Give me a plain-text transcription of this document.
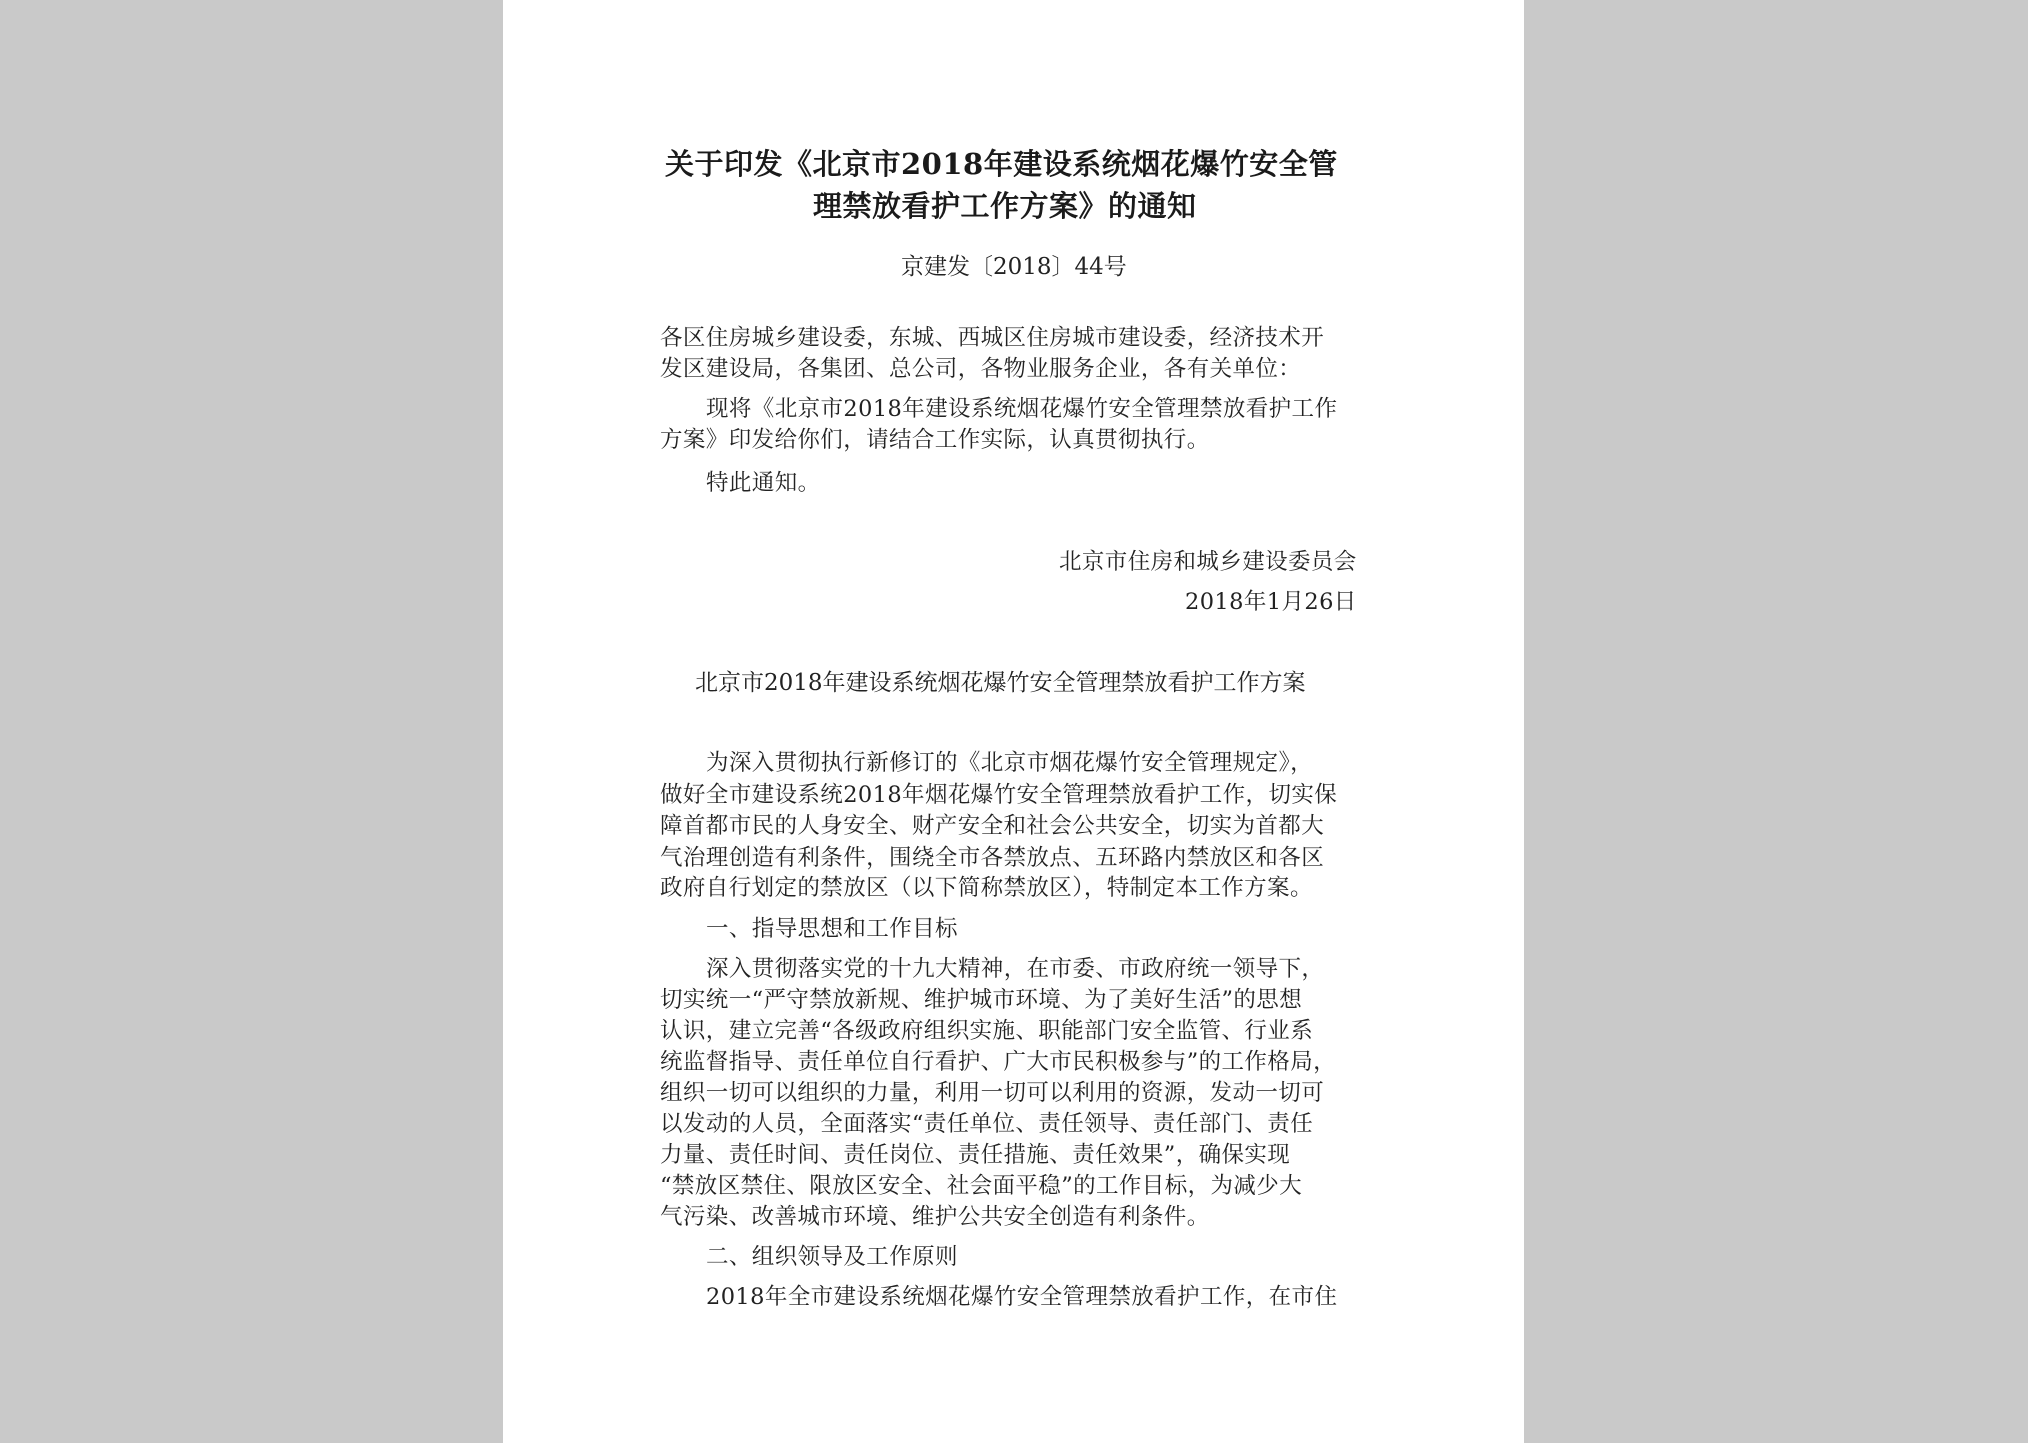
关于印发《北京市2018年建设系统烟花爆竹安全管
理禁放看护工作方案》的通知
京建发〔2018〕44号
各区住房城乡建设委，东城、西城区住房城市建设委，经济技术开
发区建设局，各集团、总公司，各物业服务企业，各有关单位：
现将《北京市2018年建设系统烟花爆竹安全管理禁放看护工作
方案》印发给你们，请结合工作实际，认真贯彻执行。
特此通知。
北京市住房和城乡建设委员会
2018年1月26日
北京市2018年建设系统烟花爆竹安全管理禁放看护工作方案
为深入贯彻执行新修订的《北京市烟花爆竹安全管理规定》，
做好全市建设系统2018年烟花爆竹安全管理禁放看护工作，切实保
障首都市民的人身安全、财产安全和社会公共安全，切实为首都大
气治理创造有利条件，围绕全市各禁放点、五环路内禁放区和各区
政府自行划定的禁放区（以下简称禁放区），特制定本工作方案。
一、指导思想和工作目标
深入贯彻落实党的十九大精神，在市委、市政府统一领导下，
切实统一“严守禁放新规、维护城市环境、为了美好生活”的思想
认识，建立完善“各级政府组织实施、职能部门安全监管、行业系
统监督指导、责任单位自行看护、广大市民积极参与”的工作格局，
组织一切可以组织的力量，利用一切可以利用的资源，发动一切可
以发动的人员，全面落实“责任单位、责任领导、责任部门、责任
力量、责任时间、责任岗位、责任措施、责任效果”，确保实现
“禁放区禁住、限放区安全、社会面平稳”的工作目标，为减少大
气污染、改善城市环境、维护公共安全创造有利条件。
二、组织领导及工作原则
2018年全市建设系统烟花爆竹安全管理禁放看护工作，在市住
